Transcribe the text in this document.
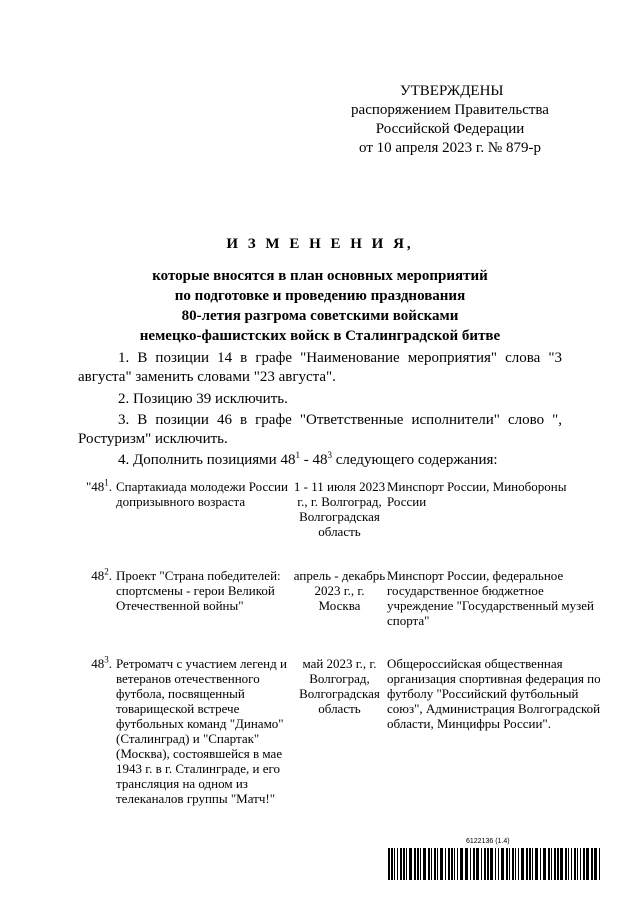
УТВЕРЖДЕНЫ
распоряжением Правительства
Российской Федерации
от 10 апреля 2023 г. № 879-р
И З М Е Н Е Н И Я,
которые вносятся в план основных мероприятий
по подготовке и проведению празднования
80-летия разгрома советскими войсками
немецко-фашистских войск в Сталинградской битве
1. В позиции 14 в графе "Наименование мероприятия" слова "3 августа" заменить словами "23 августа".
2. Позицию 39 исключить.
3. В позиции 46 в графе "Ответственные исполнители" слово ", Ростуризм" исключить.
4. Дополнить позициями $48^1 - 48^3$ следующего содержания:
"$48^1$. Спартакиада молодежи России допризывного возраста
1 - 11 июля 2023 г., г. Волгоград, Волгоградская область
Минспорт России, Минобороны России
$48^2$. Проект "Страна победителей: спортсмены - герои Великой Отечественной войны"
апрель - декабрь 2023 г., г. Москва
Минспорт России, федеральное государственное бюджетное учреждение "Государственный музей спорта"
$48^3$. Ретроматч с участием легенд и ветеранов отечественного футбола, посвященный товарищеской встрече футбольных команд "Динамо" (Сталинград) и "Спартак" (Москва), состоявшейся в мае 1943 г. в г. Сталинграде, и его трансляция на одном из телеканалов группы "Матч!"
май 2023 г., г. Волгоград, Волгоградская область
Общероссийская общественная организация спортивная федерация по футболу "Российский футбольный союз", Администрация Волгоградской области, Минцифры России".
6122136 (1.4)
